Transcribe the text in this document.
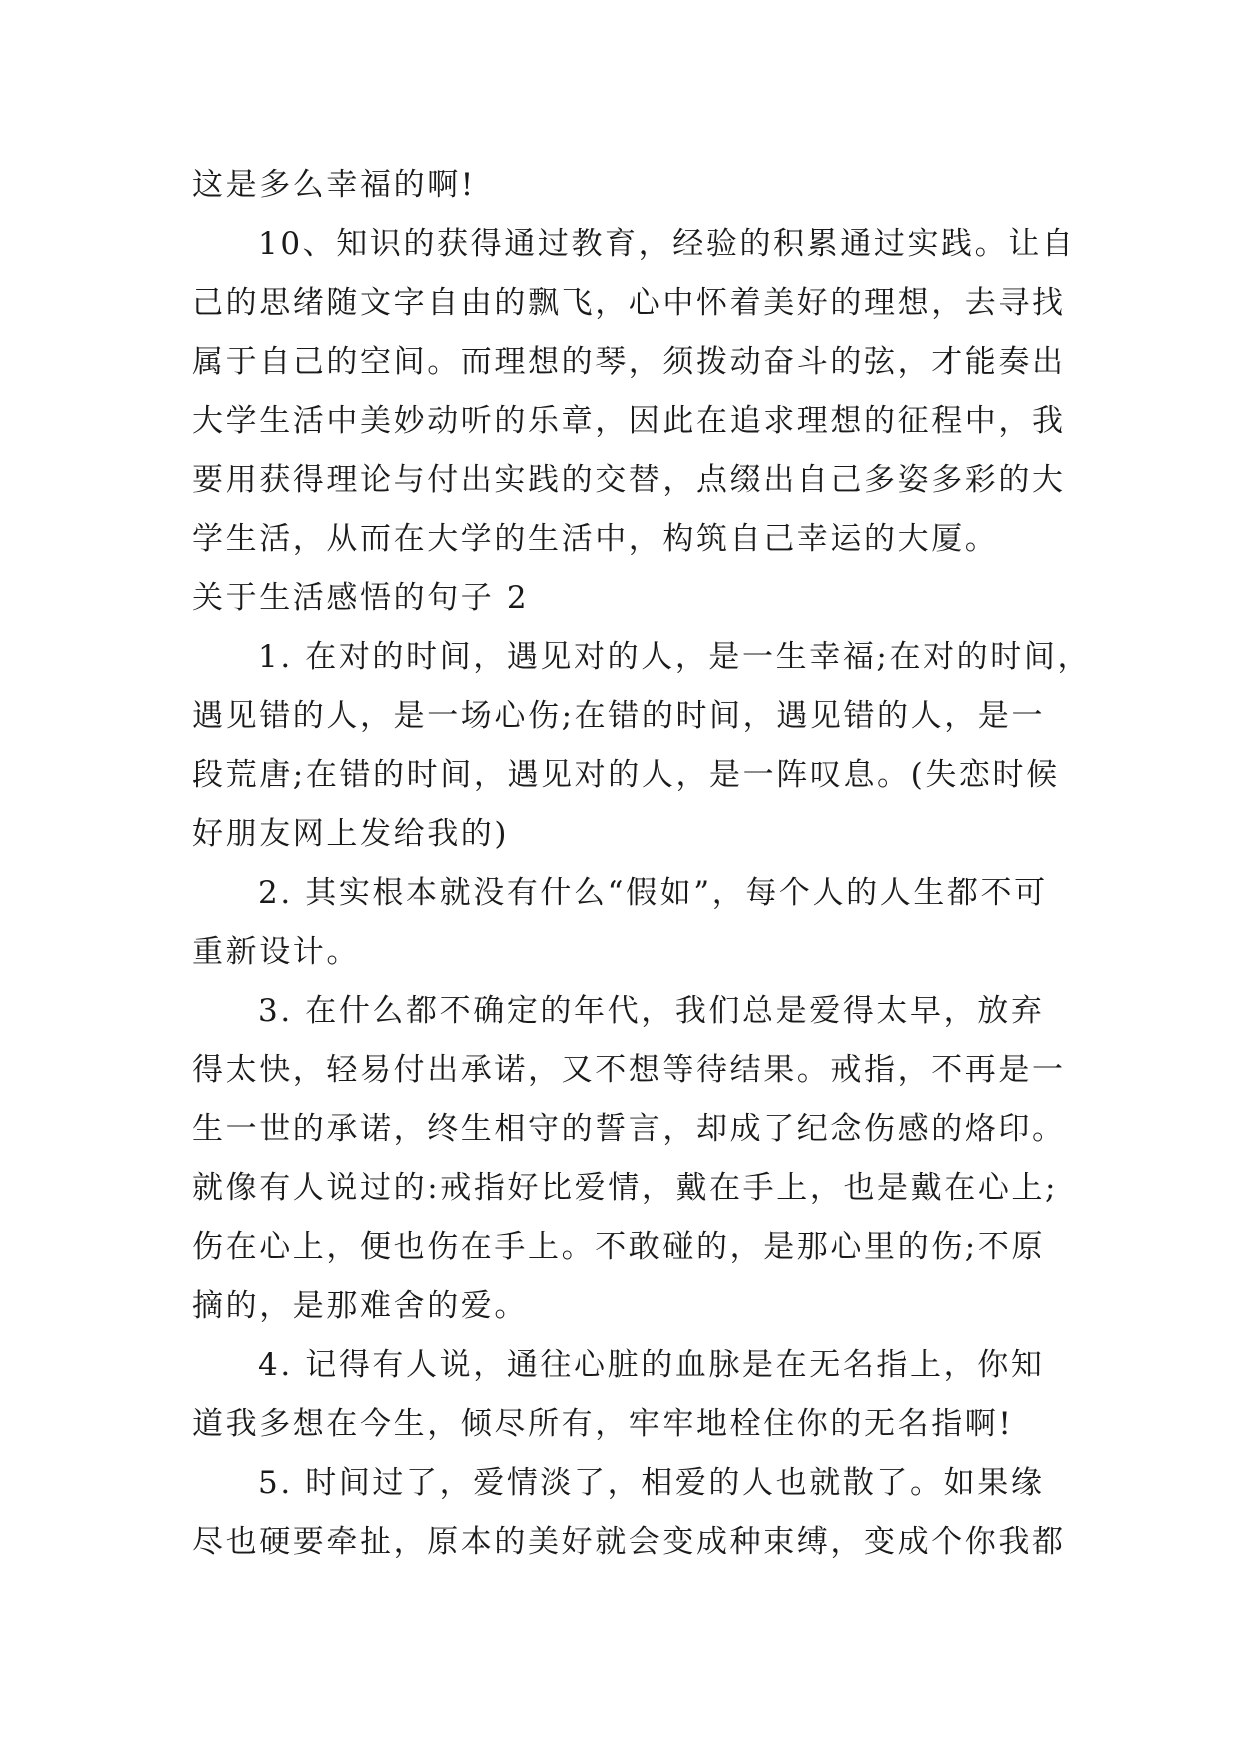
这是多么幸福的啊!

10、知识的获得通过教育，经验的积累通过实践。让自

己的思绪随文字自由的飘飞，心中怀着美好的理想，去寻找

属于自己的空间。而理想的琴，须拨动奋斗的弦，才能奏出

大学生活中美妙动听的乐章，因此在追求理想的征程中，我

要用获得理论与付出实践的交替，点缀出自己多姿多彩的大

学生活，从而在大学的生活中，构筑自己幸运的大厦。

关于生活感悟的句子 2

1. 在对的时间，遇见对的人，是一生幸福;在对的时间，

遇见错的人，是一场心伤;在错的时间，遇见错的人，是一

段荒唐;在错的时间，遇见对的人，是一阵叹息。(失恋时候

好朋友网上发给我的)

2. 其实根本就没有什么“假如”，每个人的人生都不可

重新设计。

3. 在什么都不确定的年代，我们总是爱得太早，放弃

得太快，轻易付出承诺，又不想等待结果。戒指，不再是一

生一世的承诺，终生相守的誓言，却成了纪念伤感的烙印。

就像有人说过的:戒指好比爱情，戴在手上，也是戴在心上;

伤在心上，便也伤在手上。不敢碰的，是那心里的伤;不原

摘的，是那难舍的爱。

4. 记得有人说，通往心脏的血脉是在无名指上，你知

道我多想在今生，倾尽所有，牢牢地栓住你的无名指啊!

5. 时间过了，爱情淡了，相爱的人也就散了。如果缘

尽也硬要牵扯，原本的美好就会变成种束缚，变成个你我都
